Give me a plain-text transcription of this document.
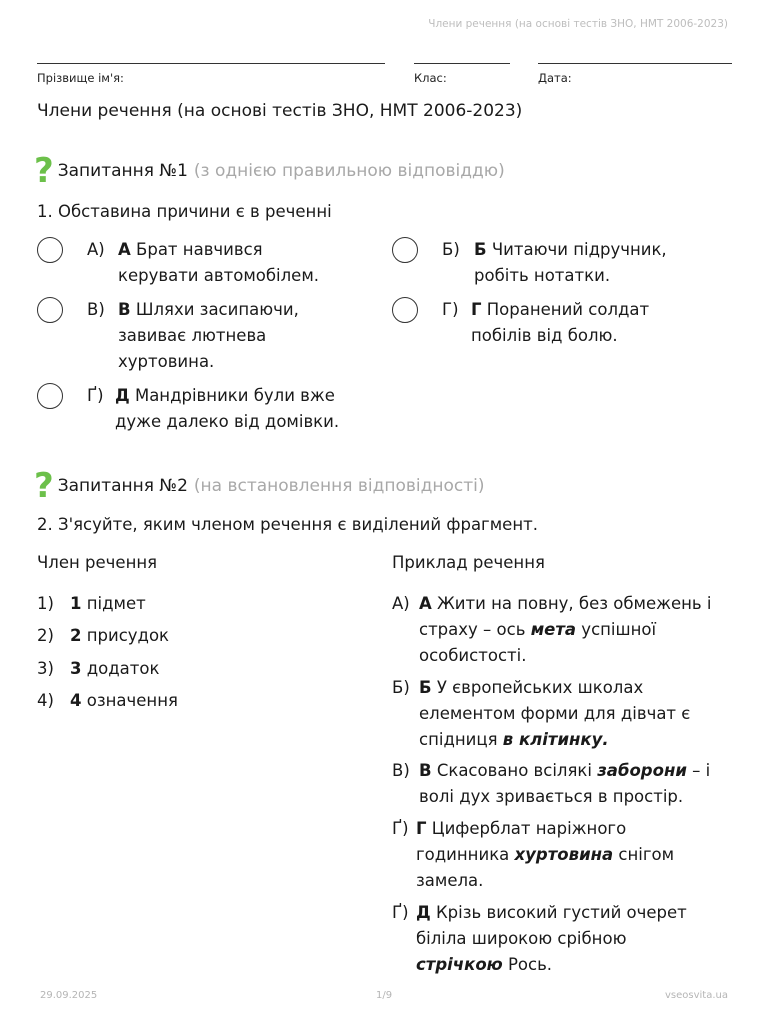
Члени речення (на основі тестів ЗНО, НМТ 2006-2023)
Прізвище ім'я:	Клас:	Дата:
Члени речення (на основі тестів ЗНО, НМТ 2006-2023)
? Запитання №1 (з однією правильною відповіддю)
1. Обставина причини є в реченні
А) А Брат навчився
керувати автомобілем.
Б) Б Читаючи підручник,
робіть нотатки.
В) В Шляхи засипаючи,
завиває лютнева
хуртовина.
Г) Г Поранений солдат
побілів від болю.
Ґ) Д Мандрівники були вже
дуже далеко від домівки.
? Запитання №2 (на встановлення відповідності)
2. З'ясуйте, яким членом речення є виділений фрагмент.
Член речення	Приклад речення
1) 1
підмет
2) 2
присудок
3) 3
додаток
4) 4
означення
А) А Жити на повну, без обмежень і
страху – ось мета успішної
особистості.
Б) Б У європейських школах
елементом форми для дівчат є
спідниця в клітинку.
В) В Скасовано всілякі заборони – і
волі дух зривається в простір.
Ґ) Г Циферблат наріжного
годинника хуртовина снігом
замела.
Ґ) Д Крізь високий густий очерет
біліла широкою срібною
стрічкою Рось.
29.09.2025	1/9	vseosvita.ua
